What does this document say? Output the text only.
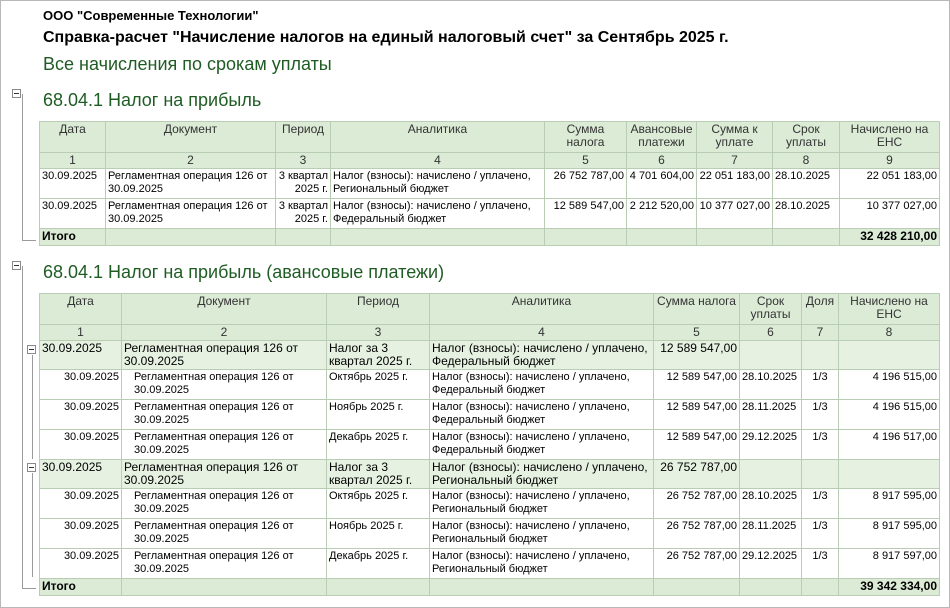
ООО "Современные Технологии"
Справка-расчет "Начисление налогов на единый налоговый счет" за Сентябрь 2025 г.
Все начисления по срокам уплаты
68.04.1 Налог на прибыль
Дата	Документ	Период	Аналитика	Сумма налога	Авансовые платежи	Сумма к уплате	Срок уплаты	Начислено на ЕНС
1	2	3	4	5	6	7	8	9
30.09.2025	Регламентная операция 126 от 30.09.2025	3 квартал 2025 г.	Налог (взносы): начислено / уплачено, Региональный бюджет	26 752 787,00	4 701 604,00	22 051 183,00	28.10.2025	22 051 183,00
30.09.2025	Регламентная операция 126 от 30.09.2025	3 квартал 2025 г.	Налог (взносы): начислено / уплачено, Федеральный бюджет	12 589 547,00	2 212 520,00	10 377 027,00	28.10.2025	10 377 027,00
Итого								32 428 210,00
68.04.1 Налог на прибыль (авансовые платежи)
Дата	Документ	Период	Аналитика	Сумма налога	Срок уплаты	Доля	Начислено на ЕНС
1	2	3	4	5	6	7	8
30.09.2025	Регламентная операция 126 от 30.09.2025	Налог за 3 квартал 2025 г.	Налог (взносы): начислено / уплачено, Федеральный бюджет	12 589 547,00			
30.09.2025	Регламентная операция 126 от 30.09.2025	Октябрь 2025 г.	Налог (взносы): начислено / уплачено, Федеральный бюджет	12 589 547,00	28.10.2025	1/3	4 196 515,00
30.09.2025	Регламентная операция 126 от 30.09.2025	Ноябрь 2025 г.	Налог (взносы): начислено / уплачено, Федеральный бюджет	12 589 547,00	28.11.2025	1/3	4 196 515,00
30.09.2025	Регламентная операция 126 от 30.09.2025	Декабрь 2025 г.	Налог (взносы): начислено / уплачено, Федеральный бюджет	12 589 547,00	29.12.2025	1/3	4 196 517,00
30.09.2025	Регламентная операция 126 от 30.09.2025	Налог за 3 квартал 2025 г.	Налог (взносы): начислено / уплачено, Региональный бюджет	26 752 787,00			
30.09.2025	Регламентная операция 126 от 30.09.2025	Октябрь 2025 г.	Налог (взносы): начислено / уплачено, Региональный бюджет	26 752 787,00	28.10.2025	1/3	8 917 595,00
30.09.2025	Регламентная операция 126 от 30.09.2025	Ноябрь 2025 г.	Налог (взносы): начислено / уплачено, Региональный бюджет	26 752 787,00	28.11.2025	1/3	8 917 595,00
30.09.2025	Регламентная операция 126 от 30.09.2025	Декабрь 2025 г.	Налог (взносы): начислено / уплачено, Региональный бюджет	26 752 787,00	29.12.2025	1/3	8 917 597,00
Итого							39 342 334,00
